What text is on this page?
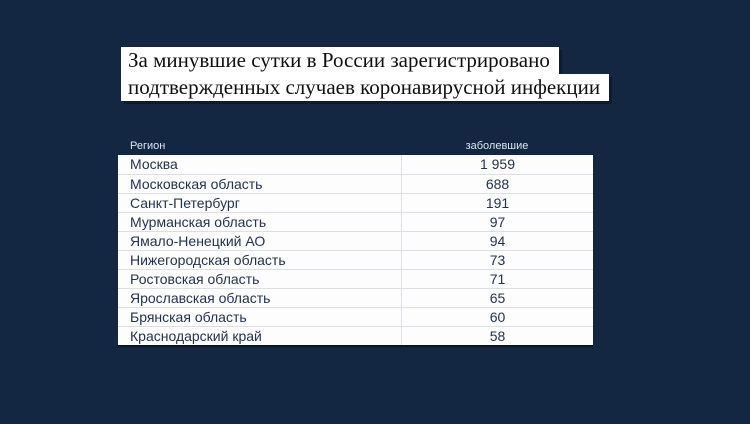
За минувшие сутки в России зарегистрировано
подтвержденных случаев коронавирусной инфекции
Регион	заболевшие
Москва	1 959
Московская область	688
Санкт-Петербург	191
Мурманская область	97
Ямало-Ненецкий АО	94
Нижегородская область	73
Ростовская область	71
Ярославская область	65
Брянская область	60
Краснодарский край	58
